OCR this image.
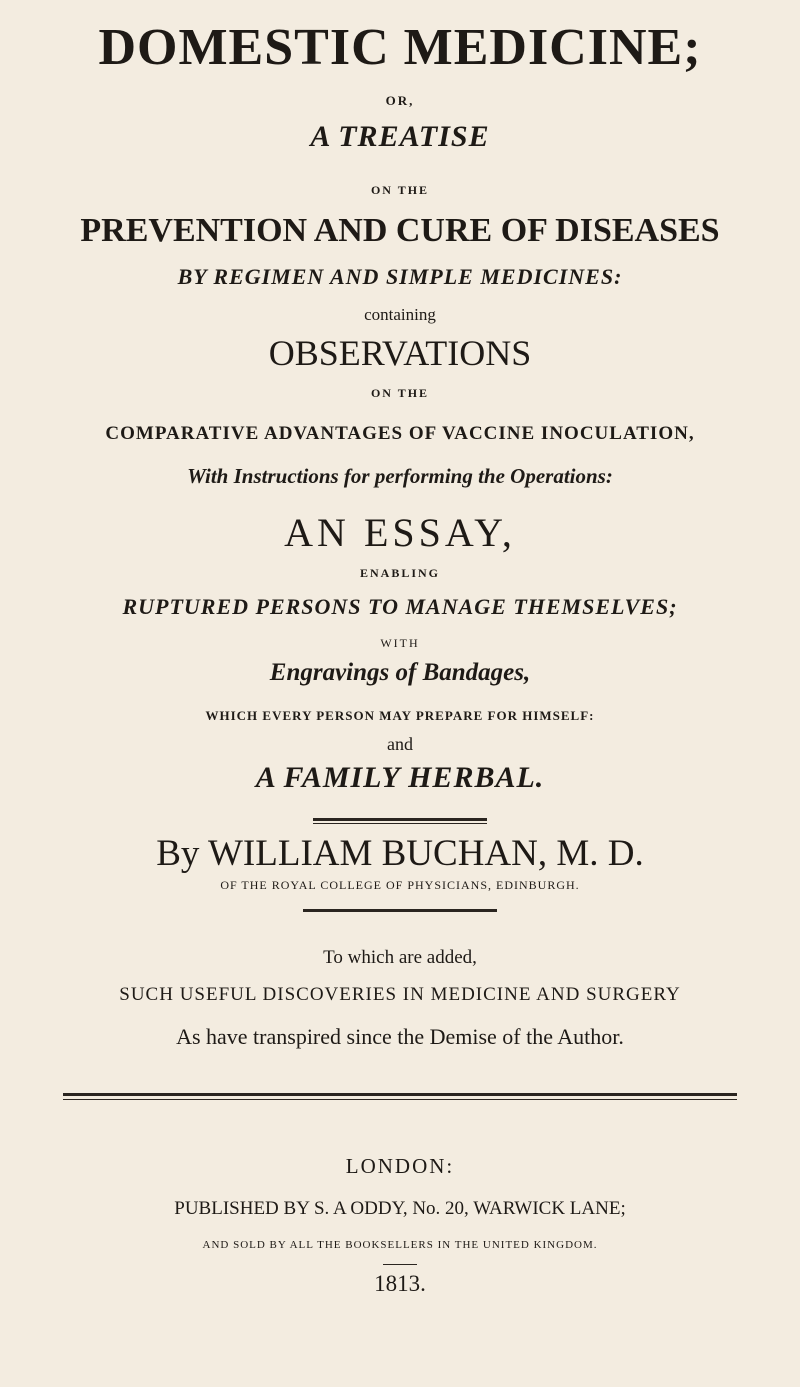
DOMESTIC MEDICINE;
OR,
A TREATISE
ON THE
PREVENTION AND CURE OF DISEASES
BY REGIMEN AND SIMPLE MEDICINES:
containing
OBSERVATIONS
ON THE
COMPARATIVE ADVANTAGES OF VACCINE INOCULATION,
With Instructions for performing the Operations:
AN ESSAY,
ENABLING
RUPTURED PERSONS TO MANAGE THEMSELVES;
WITH
Engravings of Bandages,
WHICH EVERY PERSON MAY PREPARE FOR HIMSELF:
and
A FAMILY HERBAL.
By WILLIAM BUCHAN, M. D.
OF THE ROYAL COLLEGE OF PHYSICIANS, EDINBURGH.
To which are added,
SUCH USEFUL DISCOVERIES IN MEDICINE AND SURGERY
As have transpired since the Demise of the Author.
LONDON:
PUBLISHED BY S. A ODDY, No. 20, WARWICK LANE;
AND SOLD BY ALL THE BOOKSELLERS IN THE UNITED KINGDOM.
1813.
